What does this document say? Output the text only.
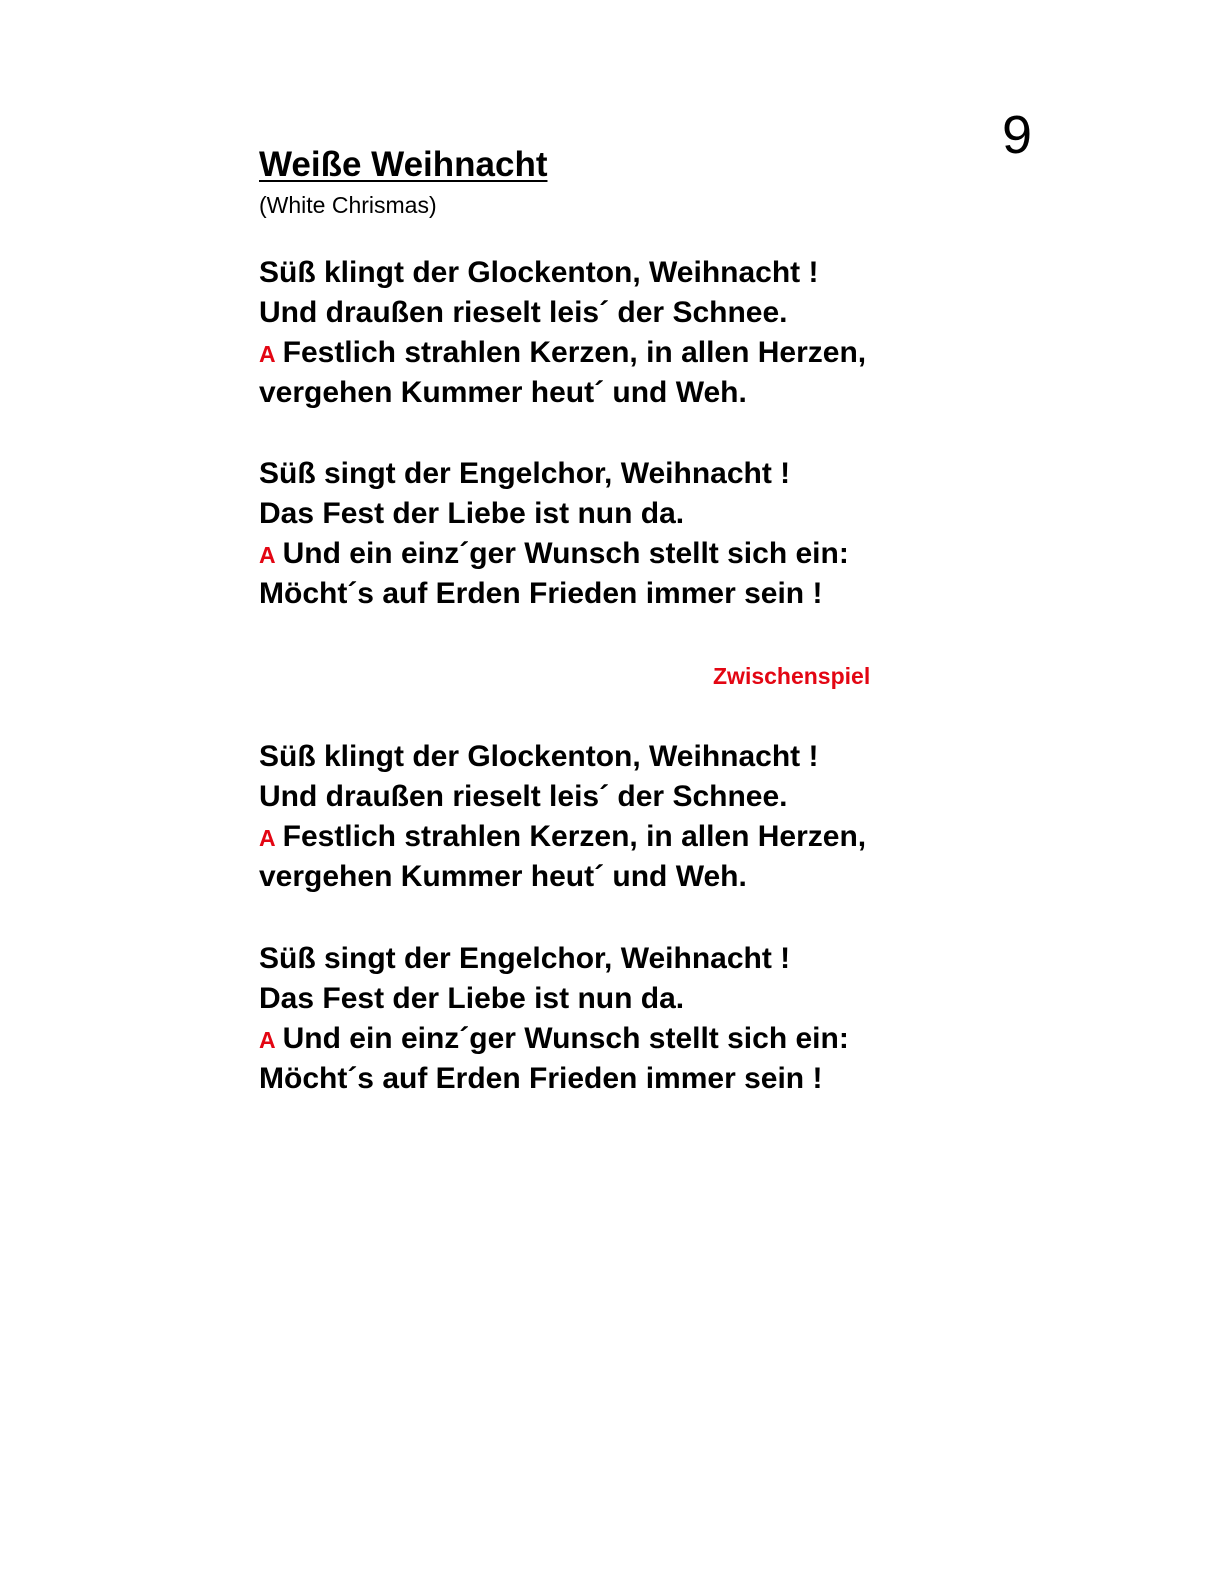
9
Weiße Weihnacht
(White Chrismas)
Süß klingt der Glockenton, Weihnacht !
Und draußen rieselt leis´ der Schnee.
A Festlich strahlen Kerzen, in allen Herzen,
vergehen Kummer heut´ und Weh.
Süß singt der Engelchor, Weihnacht !
Das Fest der Liebe ist nun da.
A Und ein einz´ger Wunsch stellt sich ein:
Möcht´s auf Erden Frieden immer sein !
Zwischenspiel
Süß klingt der Glockenton, Weihnacht !
Und draußen rieselt leis´ der Schnee.
A Festlich strahlen Kerzen, in allen Herzen,
vergehen Kummer heut´ und Weh.
Süß singt der Engelchor, Weihnacht !
Das Fest der Liebe ist nun da.
A Und ein einz´ger Wunsch stellt sich ein:
Möcht´s auf Erden Frieden immer sein !
